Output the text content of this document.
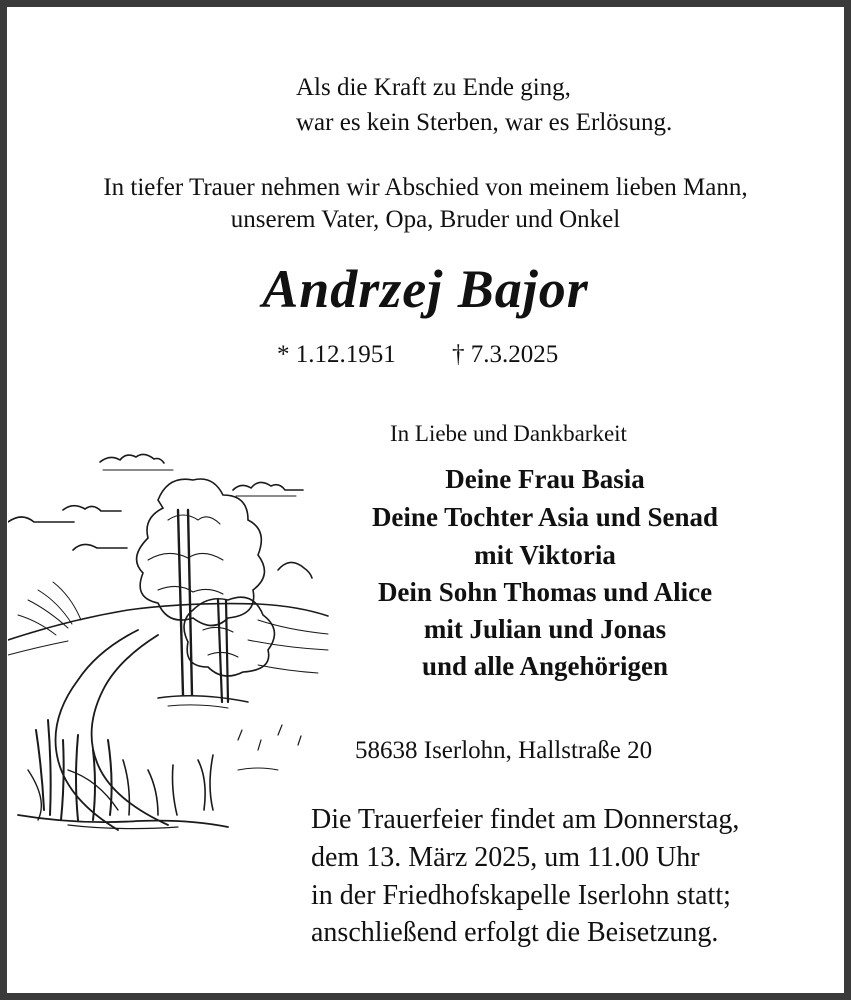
Als die Kraft zu Ende ging,
war es kein Sterben, war es Erlösung.
In tiefer Trauer nehmen wir Abschied von meinem lieben Mann,
unserem Vater, Opa, Bruder und Onkel
Andrzej Bajor
* 1.12.1951 † 7.3.2025
In Liebe und Dankbarkeit
Deine Frau Basia
Deine Tochter Asia und Senad
mit Viktoria
Dein Sohn Thomas und Alice
mit Julian und Jonas
und alle Angehörigen
58638 Iserlohn, Hallstraße 20
Die Trauerfeier findet am Donnerstag,
dem 13. März 2025, um 11.00 Uhr
in der Friedhofskapelle Iserlohn statt;
anschließend erfolgt die Beisetzung.
